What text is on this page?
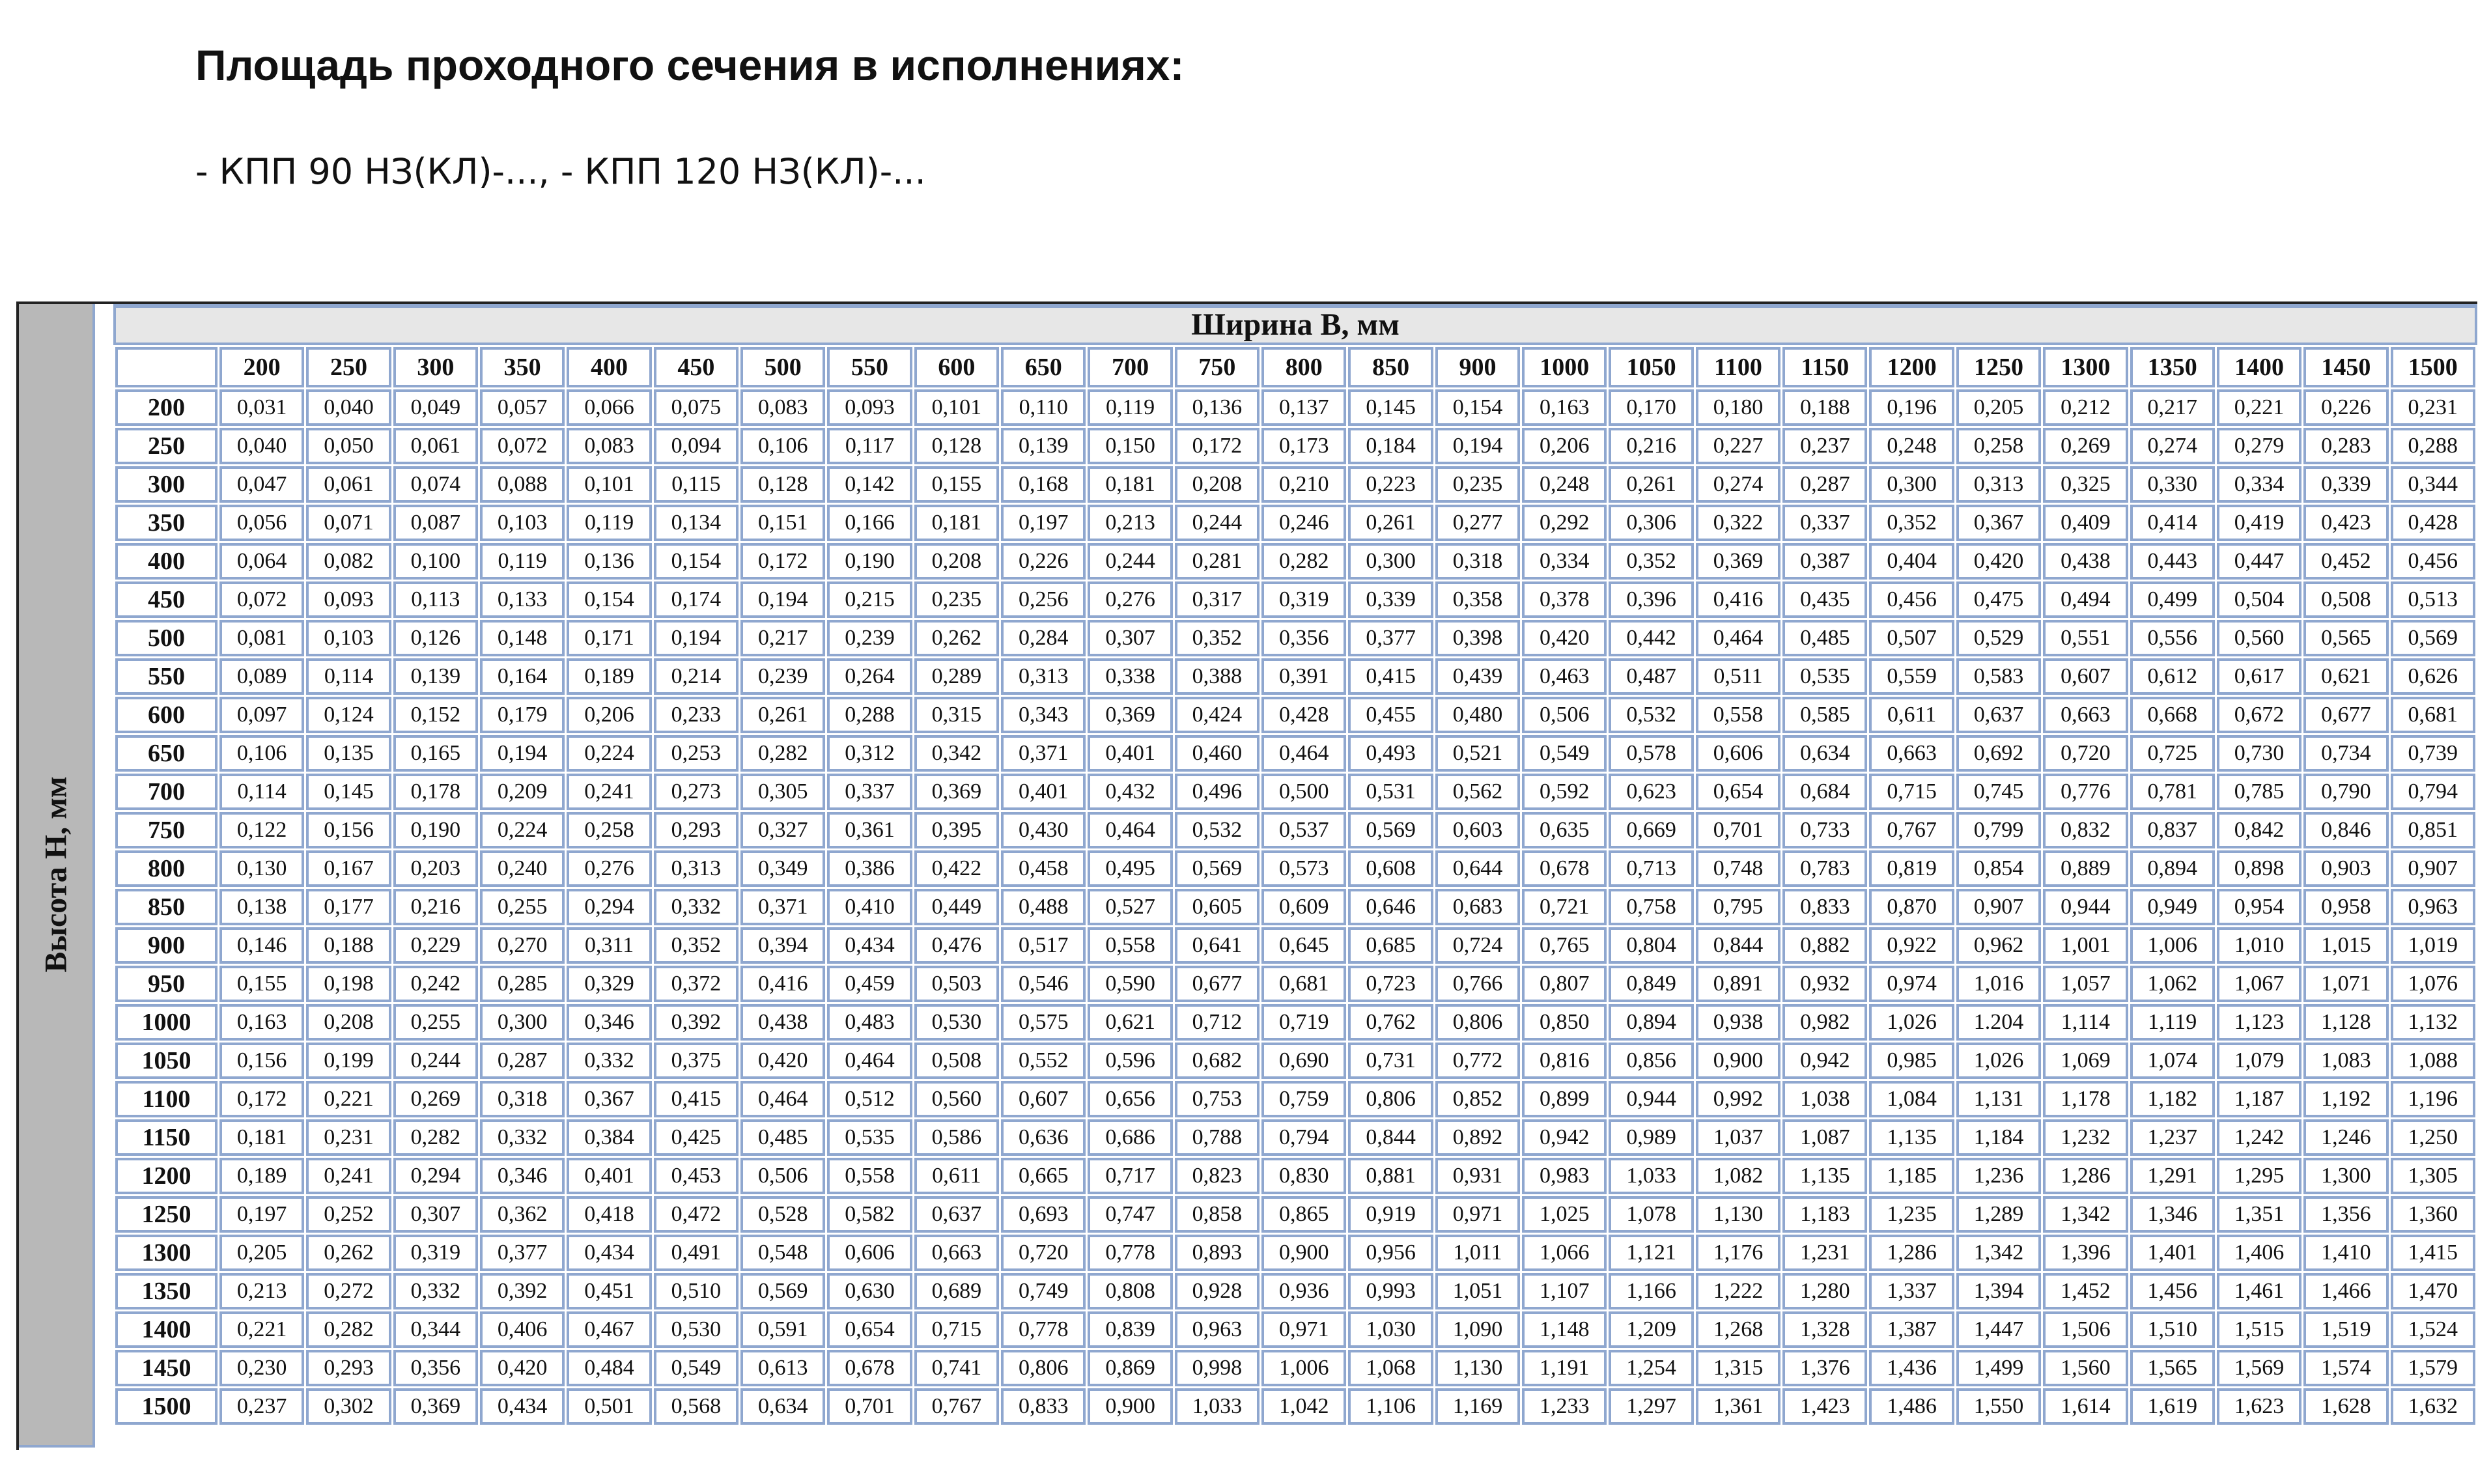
Площадь проходного сечения в исполнениях:
- КПП 90 НЗ(КЛ)-..., - КПП 120 НЗ(КЛ)-...
Высота Н, мм
Ширина В, мм
	200	250	300	350	400	450	500	550	600	650	700	750	800	850	900	1000	1050	1100	1150	1200	1250	1300	1350	1400	1450	1500
200	0,031	0,040	0,049	0,057	0,066	0,075	0,083	0,093	0,101	0,110	0,119	0,136	0,137	0,145	0,154	0,163	0,170	0,180	0,188	0,196	0,205	0,212	0,217	0,221	0,226	0,231
250	0,040	0,050	0,061	0,072	0,083	0,094	0,106	0,117	0,128	0,139	0,150	0,172	0,173	0,184	0,194	0,206	0,216	0,227	0,237	0,248	0,258	0,269	0,274	0,279	0,283	0,288
300	0,047	0,061	0,074	0,088	0,101	0,115	0,128	0,142	0,155	0,168	0,181	0,208	0,210	0,223	0,235	0,248	0,261	0,274	0,287	0,300	0,313	0,325	0,330	0,334	0,339	0,344
350	0,056	0,071	0,087	0,103	0,119	0,134	0,151	0,166	0,181	0,197	0,213	0,244	0,246	0,261	0,277	0,292	0,306	0,322	0,337	0,352	0,367	0,409	0,414	0,419	0,423	0,428
400	0,064	0,082	0,100	0,119	0,136	0,154	0,172	0,190	0,208	0,226	0,244	0,281	0,282	0,300	0,318	0,334	0,352	0,369	0,387	0,404	0,420	0,438	0,443	0,447	0,452	0,456
450	0,072	0,093	0,113	0,133	0,154	0,174	0,194	0,215	0,235	0,256	0,276	0,317	0,319	0,339	0,358	0,378	0,396	0,416	0,435	0,456	0,475	0,494	0,499	0,504	0,508	0,513
500	0,081	0,103	0,126	0,148	0,171	0,194	0,217	0,239	0,262	0,284	0,307	0,352	0,356	0,377	0,398	0,420	0,442	0,464	0,485	0,507	0,529	0,551	0,556	0,560	0,565	0,569
550	0,089	0,114	0,139	0,164	0,189	0,214	0,239	0,264	0,289	0,313	0,338	0,388	0,391	0,415	0,439	0,463	0,487	0,511	0,535	0,559	0,583	0,607	0,612	0,617	0,621	0,626
600	0,097	0,124	0,152	0,179	0,206	0,233	0,261	0,288	0,315	0,343	0,369	0,424	0,428	0,455	0,480	0,506	0,532	0,558	0,585	0,611	0,637	0,663	0,668	0,672	0,677	0,681
650	0,106	0,135	0,165	0,194	0,224	0,253	0,282	0,312	0,342	0,371	0,401	0,460	0,464	0,493	0,521	0,549	0,578	0,606	0,634	0,663	0,692	0,720	0,725	0,730	0,734	0,739
700	0,114	0,145	0,178	0,209	0,241	0,273	0,305	0,337	0,369	0,401	0,432	0,496	0,500	0,531	0,562	0,592	0,623	0,654	0,684	0,715	0,745	0,776	0,781	0,785	0,790	0,794
750	0,122	0,156	0,190	0,224	0,258	0,293	0,327	0,361	0,395	0,430	0,464	0,532	0,537	0,569	0,603	0,635	0,669	0,701	0,733	0,767	0,799	0,832	0,837	0,842	0,846	0,851
800	0,130	0,167	0,203	0,240	0,276	0,313	0,349	0,386	0,422	0,458	0,495	0,569	0,573	0,608	0,644	0,678	0,713	0,748	0,783	0,819	0,854	0,889	0,894	0,898	0,903	0,907
850	0,138	0,177	0,216	0,255	0,294	0,332	0,371	0,410	0,449	0,488	0,527	0,605	0,609	0,646	0,683	0,721	0,758	0,795	0,833	0,870	0,907	0,944	0,949	0,954	0,958	0,963
900	0,146	0,188	0,229	0,270	0,311	0,352	0,394	0,434	0,476	0,517	0,558	0,641	0,645	0,685	0,724	0,765	0,804	0,844	0,882	0,922	0,962	1,001	1,006	1,010	1,015	1,019
950	0,155	0,198	0,242	0,285	0,329	0,372	0,416	0,459	0,503	0,546	0,590	0,677	0,681	0,723	0,766	0,807	0,849	0,891	0,932	0,974	1,016	1,057	1,062	1,067	1,071	1,076
1000	0,163	0,208	0,255	0,300	0,346	0,392	0,438	0,483	0,530	0,575	0,621	0,712	0,719	0,762	0,806	0,850	0,894	0,938	0,982	1,026	1.204	1,114	1,119	1,123	1,128	1,132
1050	0,156	0,199	0,244	0,287	0,332	0,375	0,420	0,464	0,508	0,552	0,596	0,682	0,690	0,731	0,772	0,816	0,856	0,900	0,942	0,985	1,026	1,069	1,074	1,079	1,083	1,088
1100	0,172	0,221	0,269	0,318	0,367	0,415	0,464	0,512	0,560	0,607	0,656	0,753	0,759	0,806	0,852	0,899	0,944	0,992	1,038	1,084	1,131	1,178	1,182	1,187	1,192	1,196
1150	0,181	0,231	0,282	0,332	0,384	0,425	0,485	0,535	0,586	0,636	0,686	0,788	0,794	0,844	0,892	0,942	0,989	1,037	1,087	1,135	1,184	1,232	1,237	1,242	1,246	1,250
1200	0,189	0,241	0,294	0,346	0,401	0,453	0,506	0,558	0,611	0,665	0,717	0,823	0,830	0,881	0,931	0,983	1,033	1,082	1,135	1,185	1,236	1,286	1,291	1,295	1,300	1,305
1250	0,197	0,252	0,307	0,362	0,418	0,472	0,528	0,582	0,637	0,693	0,747	0,858	0,865	0,919	0,971	1,025	1,078	1,130	1,183	1,235	1,289	1,342	1,346	1,351	1,356	1,360
1300	0,205	0,262	0,319	0,377	0,434	0,491	0,548	0,606	0,663	0,720	0,778	0,893	0,900	0,956	1,011	1,066	1,121	1,176	1,231	1,286	1,342	1,396	1,401	1,406	1,410	1,415
1350	0,213	0,272	0,332	0,392	0,451	0,510	0,569	0,630	0,689	0,749	0,808	0,928	0,936	0,993	1,051	1,107	1,166	1,222	1,280	1,337	1,394	1,452	1,456	1,461	1,466	1,470
1400	0,221	0,282	0,344	0,406	0,467	0,530	0,591	0,654	0,715	0,778	0,839	0,963	0,971	1,030	1,090	1,148	1,209	1,268	1,328	1,387	1,447	1,506	1,510	1,515	1,519	1,524
1450	0,230	0,293	0,356	0,420	0,484	0,549	0,613	0,678	0,741	0,806	0,869	0,998	1,006	1,068	1,130	1,191	1,254	1,315	1,376	1,436	1,499	1,560	1,565	1,569	1,574	1,579
1500	0,237	0,302	0,369	0,434	0,501	0,568	0,634	0,701	0,767	0,833	0,900	1,033	1,042	1,106	1,169	1,233	1,297	1,361	1,423	1,486	1,550	1,614	1,619	1,623	1,628	1,632
